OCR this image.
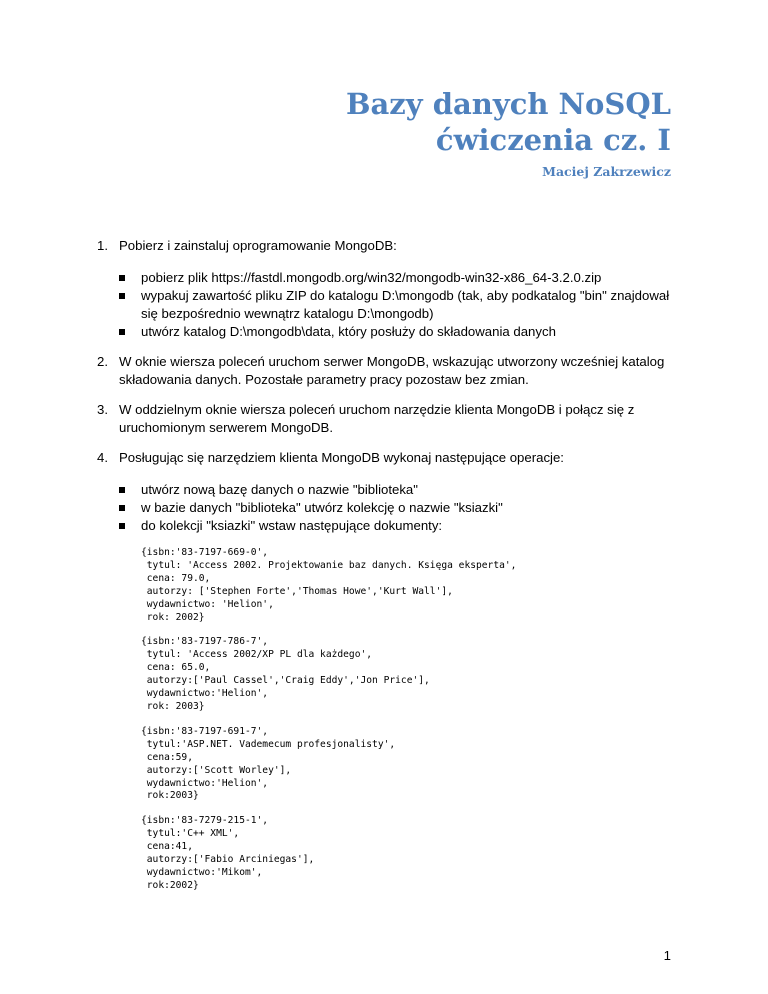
Bazy danych NoSQL
ćwiczenia cz. I
Maciej Zakrzewicz
1. Pobierz i zainstaluj oprogramowanie MongoDB:
pobierz plik https://fastdl.mongodb.org/win32/mongodb-win32-x86_64-3.2.0.zip
wypakuj zawartość pliku ZIP do katalogu D:\mongodb (tak, aby podkatalog "bin" znajdował się bezpośrednio wewnątrz katalogu D:\mongodb)
utwórz katalog D:\mongodb\data, który posłuży do składowania danych
2. W oknie wiersza poleceń uruchom serwer MongoDB, wskazując utworzony wcześniej katalog składowania danych. Pozostałe parametry pracy pozostaw bez zmian.
3. W oddzielnym oknie wiersza poleceń uruchom narzędzie klienta MongoDB i połącz się z uruchomionym serwerem MongoDB.
4. Posługując się narzędziem klienta MongoDB wykonaj następujące operacje:
utwórz nową bazę danych o nazwie "biblioteka"
w bazie danych "biblioteka" utwórz kolekcję o nazwie "ksiazki"
do kolekcji "ksiazki" wstaw następujące dokumenty:
{isbn:'83-7197-669-0',
tytul: 'Access 2002. Projektowanie baz danych. Księga eksperta',
cena: 79.0,
autorzy: ['Stephen Forte','Thomas Howe','Kurt Wall'],
wydawnictwo: 'Helion',
rok: 2002}
{isbn:'83-7197-786-7',
tytul: 'Access 2002/XP PL dla każdego',
cena: 65.0,
autorzy:['Paul Cassel','Craig Eddy','Jon Price'],
wydawnictwo:'Helion',
rok: 2003}
{isbn:'83-7197-691-7',
tytul:'ASP.NET. Vademecum profesjonalisty',
cena:59,
autorzy:['Scott Worley'],
wydawnictwo:'Helion',
rok:2003}
{isbn:'83-7279-215-1',
tytul:'C++ XML',
cena:41,
autorzy:['Fabio Arciniegas'],
wydawnictwo:'Mikom',
rok:2002}
1
